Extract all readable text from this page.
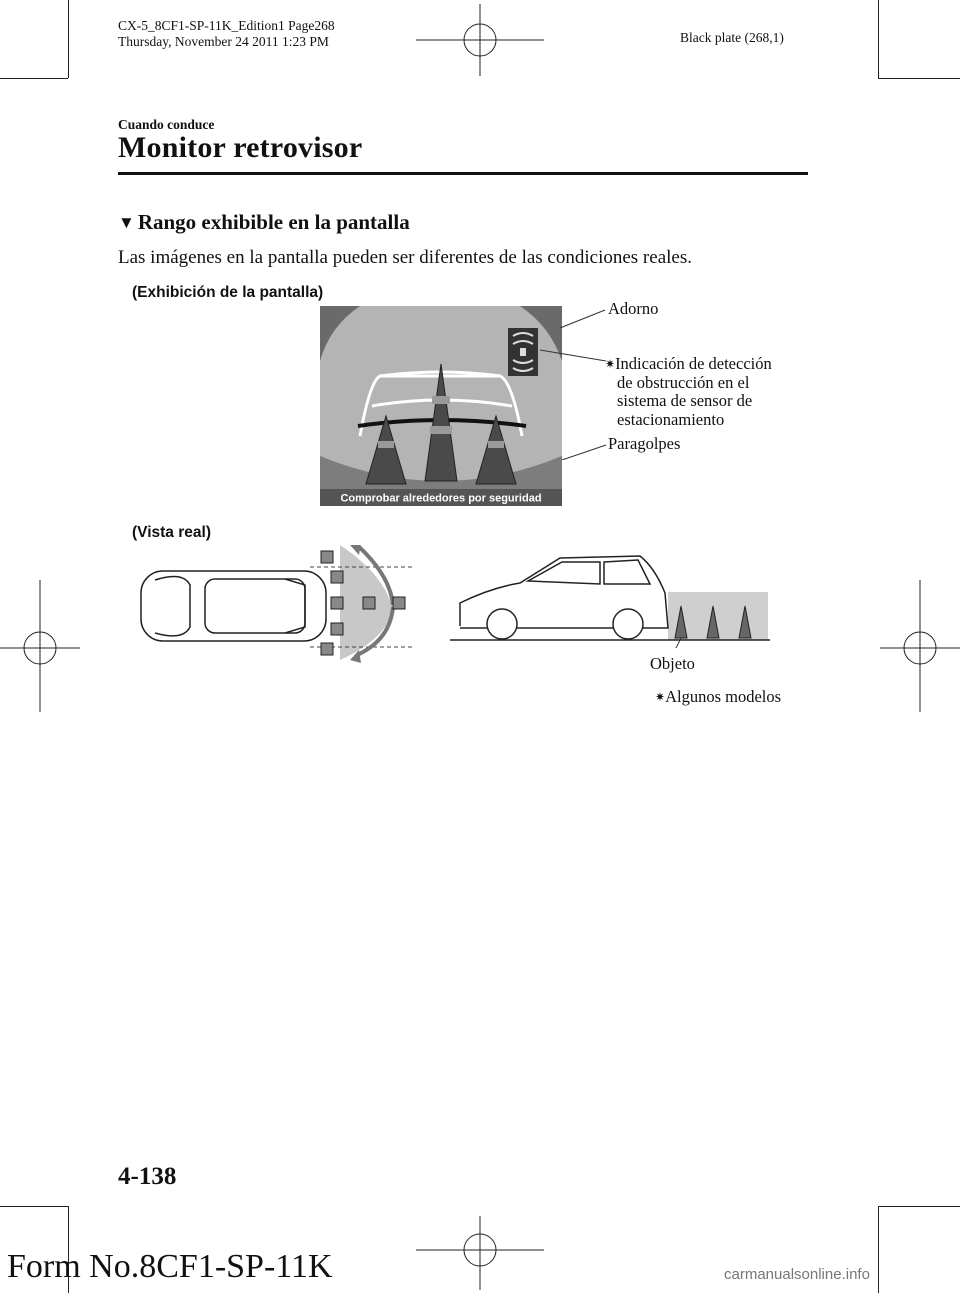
CX-5_8CF1-SP-11K_Edition1 Page268
Thursday, November 24 2011 1:23 PM	Black plate (268,1)
Cuando conduce
Monitor retrovisor
▼ Rango exhibible en la pantalla
Las imágenes en la pantalla pueden ser diferentes de las condiciones reales.
(Exhibición de la pantalla)
Comprobar alrededores por seguridad
Adorno
✷Indicación de detección
de obstrucción en el
sistema de sensor de
estacionamiento
Paragolpes
(Vista real)
Objeto
✷Algunos modelos
4-138
Form No.8CF1-SP-11K	carmanualsonline.info
